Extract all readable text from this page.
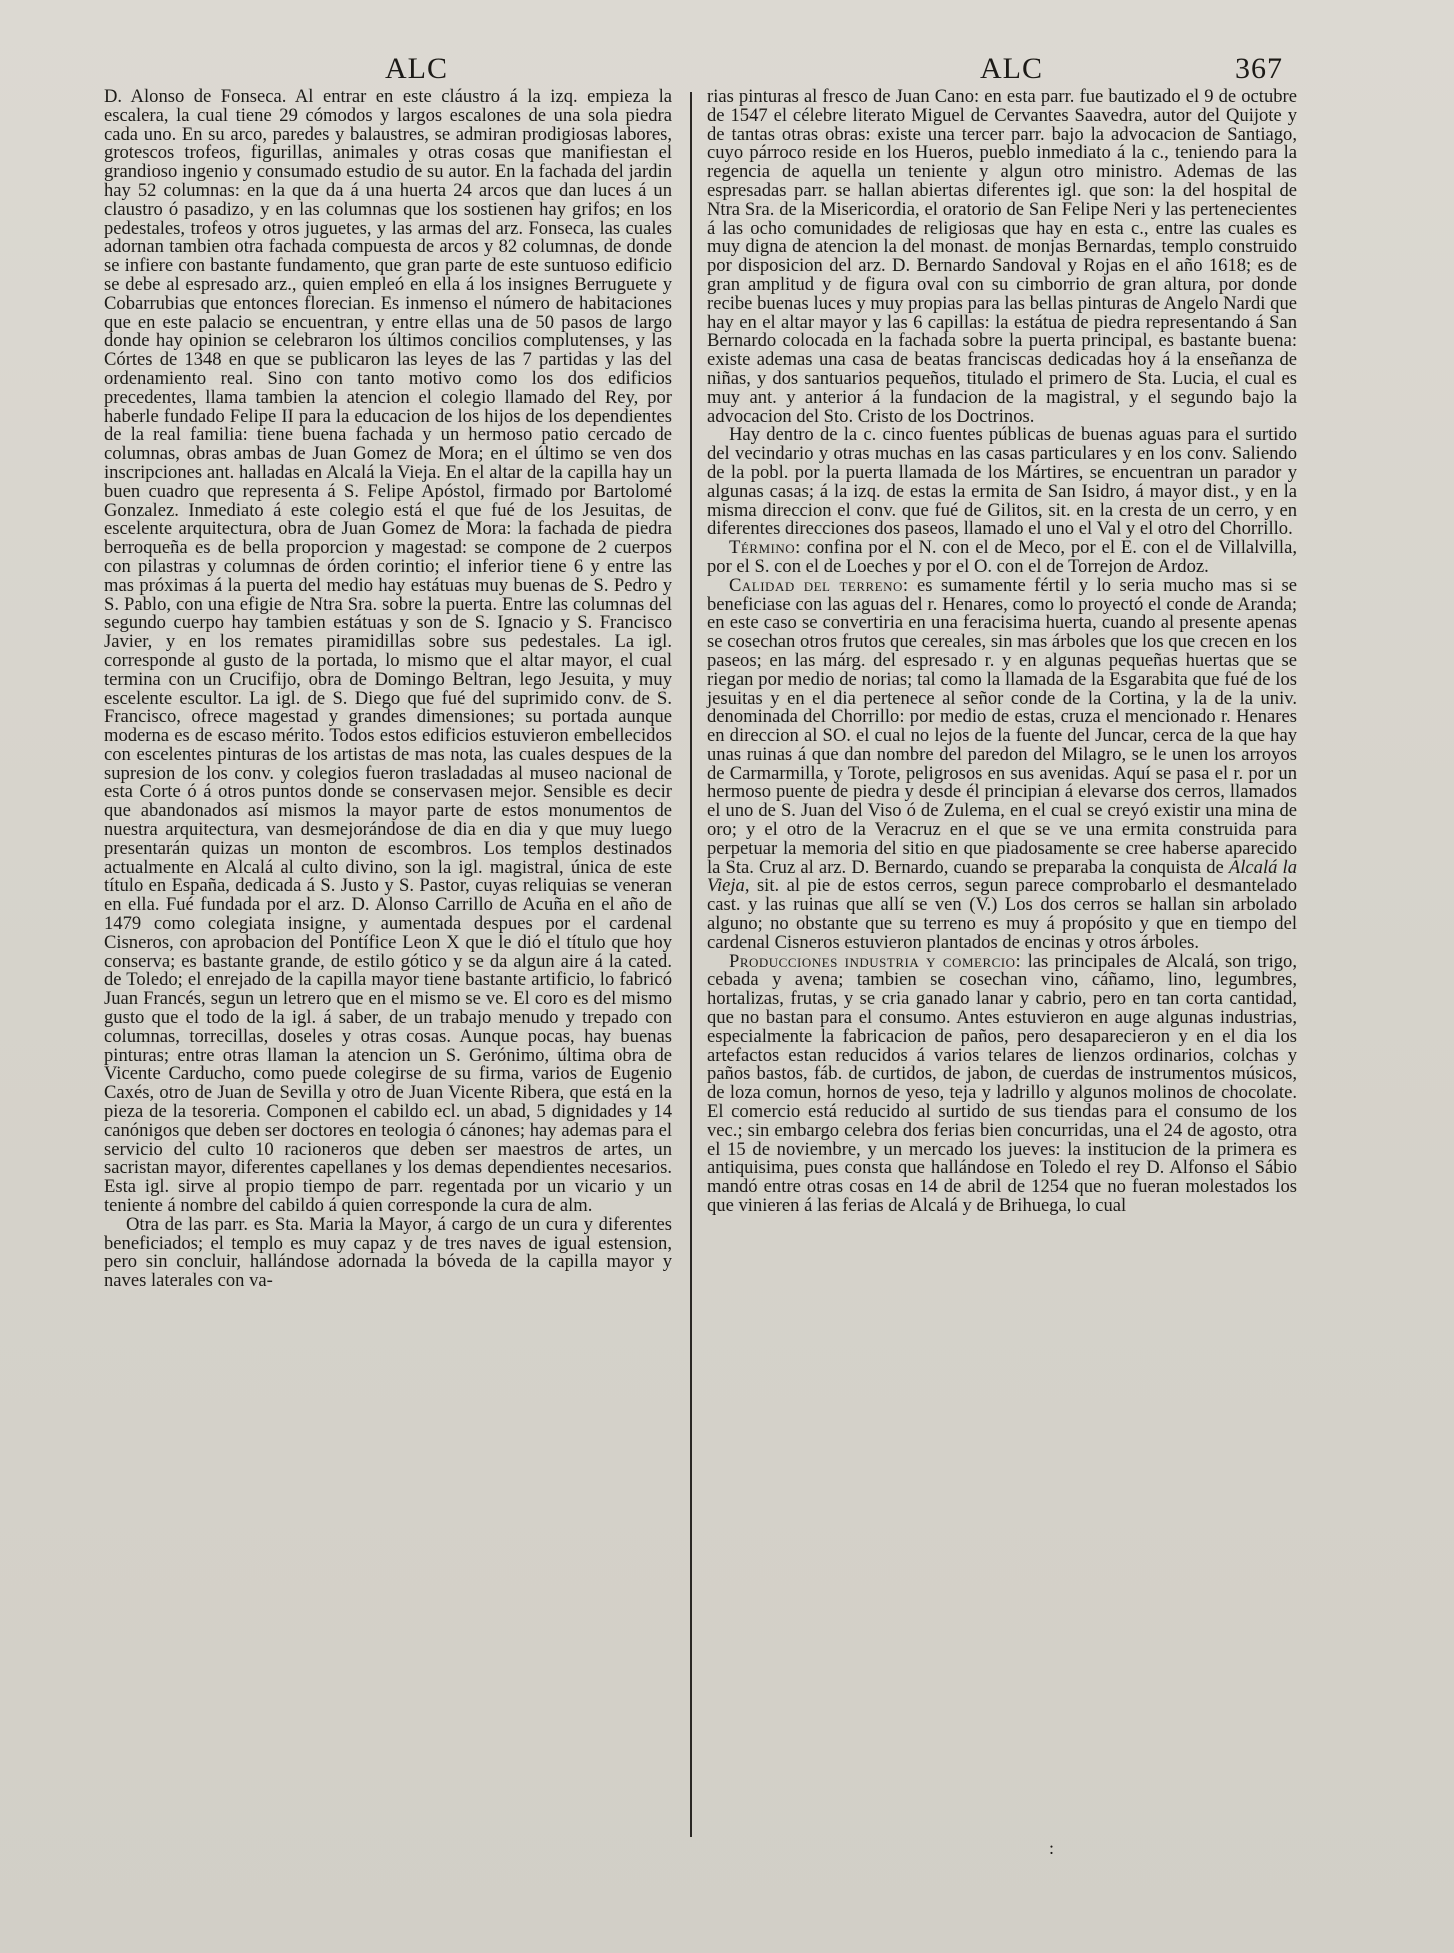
ALC	ALC	367

D. Alonso de Fonseca. Al entrar en este cláustro á la izq. empieza la escalera, la cual tiene 29 cómodos y largos escalones de una sola piedra cada uno. En su arco, paredes y balaustres, se admiran prodigiosas labores, grotescos trofeos, figurillas, animales y otras cosas que manifiestan el grandioso ingenio y consumado estudio de su autor. En la fachada del jardin hay 52 columnas: en la que da á una huerta 24 arcos que dan luces á un claustro ó pasadizo, y en las columnas que los sostienen hay grifos; en los pedestales, trofeos y otros juguetes, y las armas del arz. Fonseca, las cuales adornan tambien otra fachada compuesta de arcos y 82 columnas, de donde se infiere con bastante fundamento, que gran parte de este suntuoso edificio se debe al espresado arz., quien empleó en ella á los insignes Berruguete y Cobarrubias que entonces florecian. Es inmenso el número de habitaciones que en este palacio se encuentran, y entre ellas una de 50 pasos de largo donde hay opinion se celebraron los últimos concilios complutenses, y las Córtes de 1348 en que se publicaron las leyes de las 7 partidas y las del ordenamiento real. Sino con tanto motivo como los dos edificios precedentes, llama tambien la atencion el colegio llamado del Rey, por haberle fundado Felipe II para la educacion de los hijos de los dependientes de la real familia: tiene buena fachada y un hermoso patio cercado de columnas, obras ambas de Juan Gomez de Mora; en el último se ven dos inscripciones ant. halladas en Alcalá la Vieja. En el altar de la capilla hay un buen cuadro que representa á S. Felipe Apóstol, firmado por Bartolomé Gonzalez. Inmediato á este colegio está el que fué de los Jesuitas, de escelente arquitectura, obra de Juan Gomez de Mora: la fachada de piedra berroqueña es de bella proporcion y magestad: se compone de 2 cuerpos con pilastras y columnas de órden corintio; el inferior tiene 6 y entre las mas próximas á la puerta del medio hay estátuas muy buenas de S. Pedro y S. Pablo, con una efigie de Ntra Sra. sobre la puerta. Entre las columnas del segundo cuerpo hay tambien estátuas y son de S. Ignacio y S. Francisco Javier, y en los remates piramidillas sobre sus pedestales. La igl. corresponde al gusto de la portada, lo mismo que el altar mayor, el cual termina con un Crucifijo, obra de Domingo Beltran, lego Jesuita, y muy escelente escultor. La igl. de S. Diego que fué del suprimido conv. de S. Francisco, ofrece magestad y grandes dimensiones; su portada aunque moderna es de escaso mérito. Todos estos edificios estuvieron embellecidos con escelentes pinturas de los artistas de mas nota, las cuales despues de la supresion de los conv. y colegios fueron trasladadas al museo nacional de esta Corte ó á otros puntos donde se conservasen mejor. Sensible es decir que abandonados así mismos la mayor parte de estos monumentos de nuestra arquitectura, van desmejorándose de dia en dia y que muy luego presentarán quizas un monton de escombros. Los templos destinados actualmente en Alcalá al culto divino, son la igl. magistral, única de este título en España, dedicada á S. Justo y S. Pastor, cuyas reliquias se veneran en ella. Fué fundada por el arz. D. Alonso Carrillo de Acuña en el año de 1479 como colegiata insigne, y aumentada despues por el cardenal Cisneros, con aprobacion del Pontífice Leon X que le dió el título que hoy conserva; es bastante grande, de estilo gótico y se da algun aire á la cated. de Toledo; el enrejado de la capilla mayor tiene bastante artificio, lo fabricó Juan Francés, segun un letrero que en el mismo se ve. El coro es del mismo gusto que el todo de la igl. á saber, de un trabajo menudo y trepado con columnas, torrecillas, doseles y otras cosas. Aunque pocas, hay buenas pinturas; entre otras llaman la atencion un S. Gerónimo, última obra de Vicente Carducho, como puede colegirse de su firma, varios de Eugenio Caxés, otro de Juan de Sevilla y otro de Juan Vicente Ribera, que está en la pieza de la tesoreria. Componen el cabildo ecl. un abad, 5 dignidades y 14 canónigos que deben ser doctores en teologia ó cánones; hay ademas para el servicio del culto 10 racioneros que deben ser maestros de artes, un sacristan mayor, diferentes capellanes y los demas dependientes necesarios. Esta igl. sirve al propio tiempo de parr. regentada por un vicario y un teniente á nombre del cabildo á quien corresponde la cura de alm.

Otra de las parr. es Sta. Maria la Mayor, á cargo de un cura y diferentes beneficiados; el templo es muy capaz y de tres naves de igual estension, pero sin concluir, hallándose adornada la bóveda de la capilla mayor y naves laterales con va-

rias pinturas al fresco de Juan Cano: en esta parr. fue bautizado el 9 de octubre de 1547 el célebre literato Miguel de Cervantes Saavedra, autor del Quijote y de tantas otras obras: existe una tercer parr. bajo la advocacion de Santiago, cuyo párroco reside en los Hueros, pueblo inmediato á la c., teniendo para la regencia de aquella un teniente y algun otro ministro. Ademas de las espresadas parr. se hallan abiertas diferentes igl. que son: la del hospital de Ntra Sra. de la Misericordia, el oratorio de San Felipe Neri y las pertenecientes á las ocho comunidades de religiosas que hay en esta c., entre las cuales es muy digna de atencion la del monast. de monjas Bernardas, templo construido por disposicion del arz. D. Bernardo Sandoval y Rojas en el año 1618; es de gran amplitud y de figura oval con su cimborrio de gran altura, por donde recibe buenas luces y muy propias para las bellas pinturas de Angelo Nardi que hay en el altar mayor y las 6 capillas: la estátua de piedra representando á San Bernardo colocada en la fachada sobre la puerta principal, es bastante buena: existe ademas una casa de beatas franciscas dedicadas hoy á la enseñanza de niñas, y dos santuarios pequeños, titulado el primero de Sta. Lucia, el cual es muy ant. y anterior á la fundacion de la magistral, y el segundo bajo la advocacion del Sto. Cristo de los Doctrinos.

Hay dentro de la c. cinco fuentes públicas de buenas aguas para el surtido del vecindario y otras muchas en las casas particulares y en los conv. Saliendo de la pobl. por la puerta llamada de los Mártires, se encuentran un parador y algunas casas; á la izq. de estas la ermita de San Isidro, á mayor dist., y en la misma direccion el conv. que fué de Gilitos, sit. en la cresta de un cerro, y en diferentes direcciones dos paseos, llamado el uno el Val y el otro del Chorrillo.

Término: confina por el N. con el de Meco, por el E. con el de Villalvilla, por el S. con el de Loeches y por el O. con el de Torrejon de Ardoz.

Calidad del terreno: es sumamente fértil y lo seria mucho mas si se beneficiase con las aguas del r. Henares, como lo proyectó el conde de Aranda; en este caso se convertiria en una feracisima huerta, cuando al presente apenas se cosechan otros frutos que cereales, sin mas árboles que los que crecen en los paseos; en las márg. del espresado r. y en algunas pequeñas huertas que se riegan por medio de norias; tal como la llamada de la Esgarabita que fué de los jesuitas y en el dia pertenece al señor conde de la Cortina, y la de la univ. denominada del Chorrillo: por medio de estas, cruza el mencionado r. Henares en direccion al SO. el cual no lejos de la fuente del Juncar, cerca de la que hay unas ruinas á que dan nombre del paredon del Milagro, se le unen los arroyos de Carmarmilla, y Torote, peligrosos en sus avenidas. Aquí se pasa el r. por un hermoso puente de piedra y desde él principian á elevarse dos cerros, llamados el uno de S. Juan del Viso ó de Zulema, en el cual se creyó existir una mina de oro; y el otro de la Veracruz en el que se ve una ermita construida para perpetuar la memoria del sitio en que piadosamente se cree haberse aparecido la Sta. Cruz al arz. D. Bernardo, cuando se preparaba la conquista de Alcalá la Vieja, sit. al pie de estos cerros, segun parece comprobarlo el desmantelado cast. y las ruinas que allí se ven (V.) Los dos cerros se hallan sin arbolado alguno; no obstante que su terreno es muy á propósito y que en tiempo del cardenal Cisneros estuvieron plantados de encinas y otros árboles.

Producciones industria y comercio: las principales de Alcalá, son trigo, cebada y avena; tambien se cosechan vino, cáñamo, lino, legumbres, hortalizas, frutas, y se cria ganado lanar y cabrio, pero en tan corta cantidad, que no bastan para el consumo. Antes estuvieron en auge algunas industrias, especialmente la fabricacion de paños, pero desaparecieron y en el dia los artefactos estan reducidos á varios telares de lienzos ordinarios, colchas y paños bastos, fáb. de curtidos, de jabon, de cuerdas de instrumentos músicos, de loza comun, hornos de yeso, teja y ladrillo y algunos molinos de chocolate. El comercio está reducido al surtido de sus tiendas para el consumo de los vec.; sin embargo celebra dos ferias bien concurridas, una el 24 de agosto, otra el 15 de noviembre, y un mercado los jueves: la institucion de la primera es antiquisima, pues consta que hallándose en Toledo el rey D. Alfonso el Sábio mandó entre otras cosas en 14 de abril de 1254 que no fueran molestados los que vinieren á las ferias de Alcalá y de Brihuega, lo cual

:
